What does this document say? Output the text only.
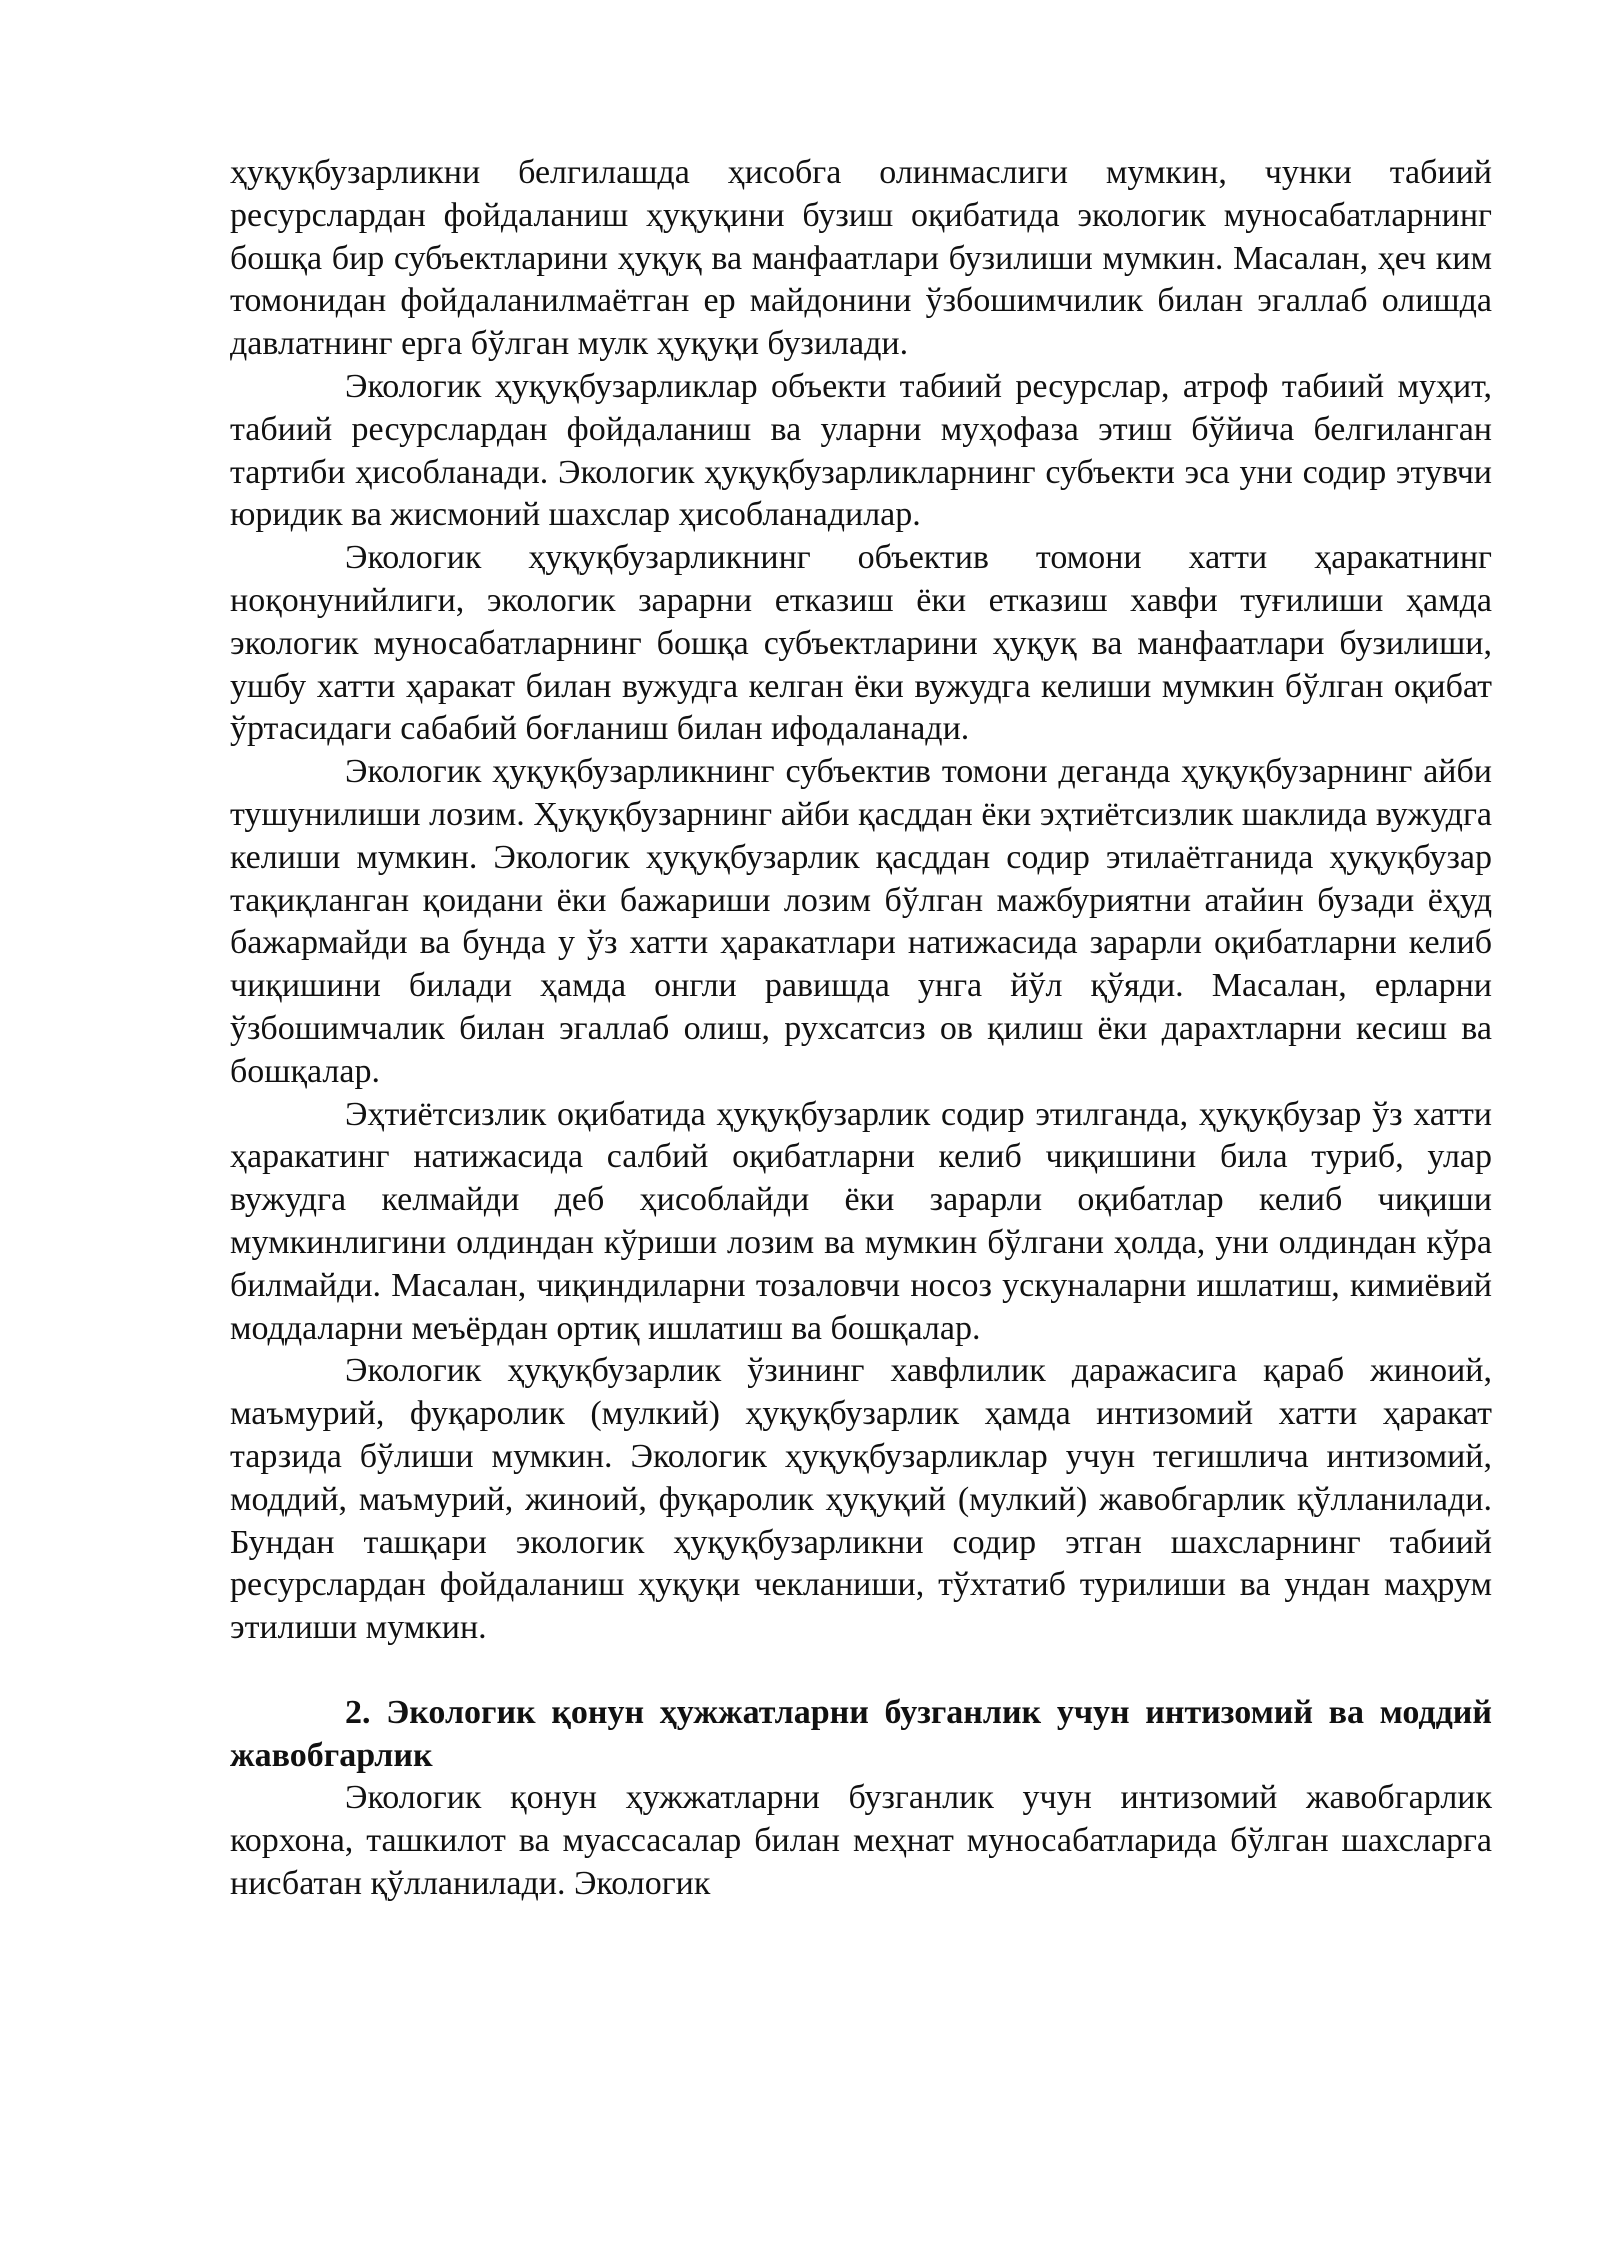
ҳуқуқбузарликни белгилашда ҳисобга олинмаслиги мумкин, чунки табиий ресурслардан фойдаланиш ҳуқуқини бузиш оқибатида экологик муносабатларнинг бошқа бир субъектларини ҳуқуқ ва манфаатлари бузилиши мумкин. Масалан, ҳеч ким томонидан фойдаланилмаётган ер майдонини ўзбошимчилик билан эгаллаб олишда давлатнинг ерга бўлган мулк ҳуқуқи бузилади.

Экологик ҳуқуқбузарликлар объекти табиий ресурслар, атроф табиий муҳит, табиий ресурслардан фойдаланиш ва уларни муҳофаза этиш бўйича белгиланган тартиби ҳисобланади. Экологик ҳуқуқбузарликларнинг субъекти эса уни содир этувчи юридик ва жисмоний шахслар ҳисобланадилар.

Экологик ҳуқуқбузарликнинг объектив томони хатти ҳаракатнинг ноқонунийлиги, экологик зарарни етказиш ёки етказиш хавфи туғилиши ҳамда экологик муносабатларнинг бошқа субъектларини ҳуқуқ ва манфаатлари бузилиши, ушбу хатти ҳаракат билан вужудга келган ёки вужудга келиши мумкин бўлган оқибат ўртасидаги сабабий боғланиш билан ифодаланади.

Экологик ҳуқуқбузарликнинг субъектив томони деганда ҳуқуқбузарнинг айби тушунилиши лозим. Ҳуқуқбузарнинг айби қасддан ёки эҳтиётсизлик шаклида вужудга келиши мумкин. Экологик ҳуқуқбузарлик қасддан содир этилаётганида ҳуқуқбузар тақиқланган қоидани ёки бажариши лозим бўлган мажбуриятни атайин бузади ёҳуд бажармайди ва бунда у ўз хатти ҳаракатлари натижасида зарарли оқибатларни келиб чиқишини билади ҳамда онгли равишда унга йўл қўяди. Масалан, ерларни ўзбошимчалик билан эгаллаб олиш, рухсатсиз ов қилиш ёки дарахтларни кесиш ва бошқалар.

Эҳтиётсизлик оқибатида ҳуқуқбузарлик содир этилганда, ҳуқуқбузар ўз хатти ҳаракатинг натижасида салбий оқибатларни келиб чиқишини била туриб, улар вужудга келмайди деб ҳисоблайди ёки зарарли оқибатлар келиб чиқиши мумкинлигини олдиндан кўриши лозим ва мумкин бўлгани ҳолда, уни олдиндан кўра билмайди. Масалан, чиқиндиларни тозаловчи носоз ускуналарни ишлатиш, кимиёвий моддаларни меъёрдан ортиқ ишлатиш ва бошқалар.

Экологик ҳуқуқбузарлик ўзининг хавфлилик даражасига қараб жиноий, маъмурий, фуқаролик (мулкий) ҳуқуқбузарлик ҳамда интизомий хатти ҳаракат тарзида бўлиши мумкин. Экологик ҳуқуқбузарликлар учун тегишлича интизомий, моддий, маъмурий, жиноий, фуқаролик ҳуқуқий (мулкий) жавобгарлик қўлланилади. Бундан ташқари экологик ҳуқуқбузарликни содир этган шахсларнинг табиий ресурслардан фойдаланиш ҳуқуқи чекланиши, тўхтатиб турилиши ва ундан маҳрум этилиши мумкин.

2. Экологик қонун ҳужжатларни бузганлик учун интизомий ва моддий жавобгарлик

Экологик қонун ҳужжатларни бузганлик учун интизомий жавобгарлик корхона, ташкилот ва муассасалар билан меҳнат муносабатларида бўлган шахсларга нисбатан қўлланилади. Экологик
